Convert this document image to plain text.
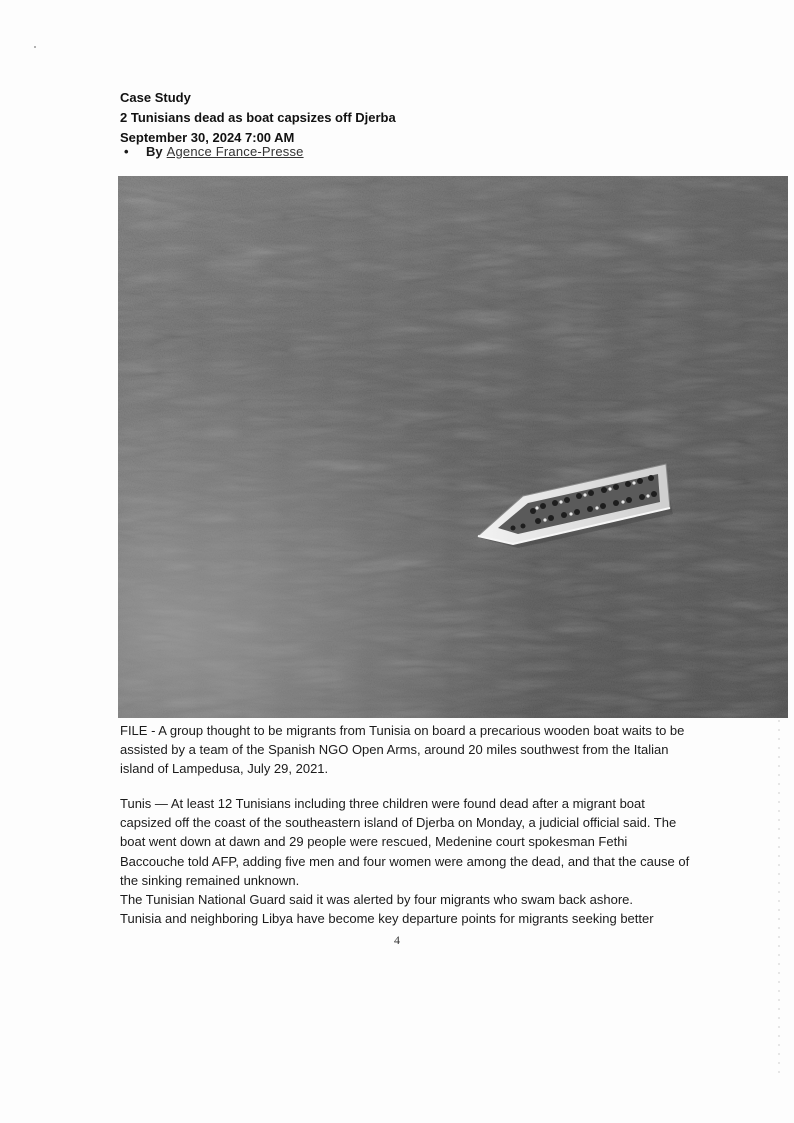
Case Study
2 Tunisians dead as boat capsizes off Djerba
September 30, 2024 7:00 AM
• By Agence France-Presse
FILE - A group thought to be migrants from Tunisia on board a precarious wooden boat waits to be assisted by a team of the Spanish NGO Open Arms, around 20 miles southwest from the Italian island of Lampedusa, July 29, 2021.

Tunis — At least 12 Tunisians including three children were found dead after a migrant boat capsized off the coast of the southeastern island of Djerba on Monday, a judicial official said. The boat went down at dawn and 29 people were rescued, Medenine court spokesman Fethi Baccouche told AFP, adding five men and four women were among the dead, and that the cause of the sinking remained unknown.

The Tunisian National Guard said it was alerted by four migrants who swam back ashore.

Tunisia and neighboring Libya have become key departure points for migrants seeking better

4
